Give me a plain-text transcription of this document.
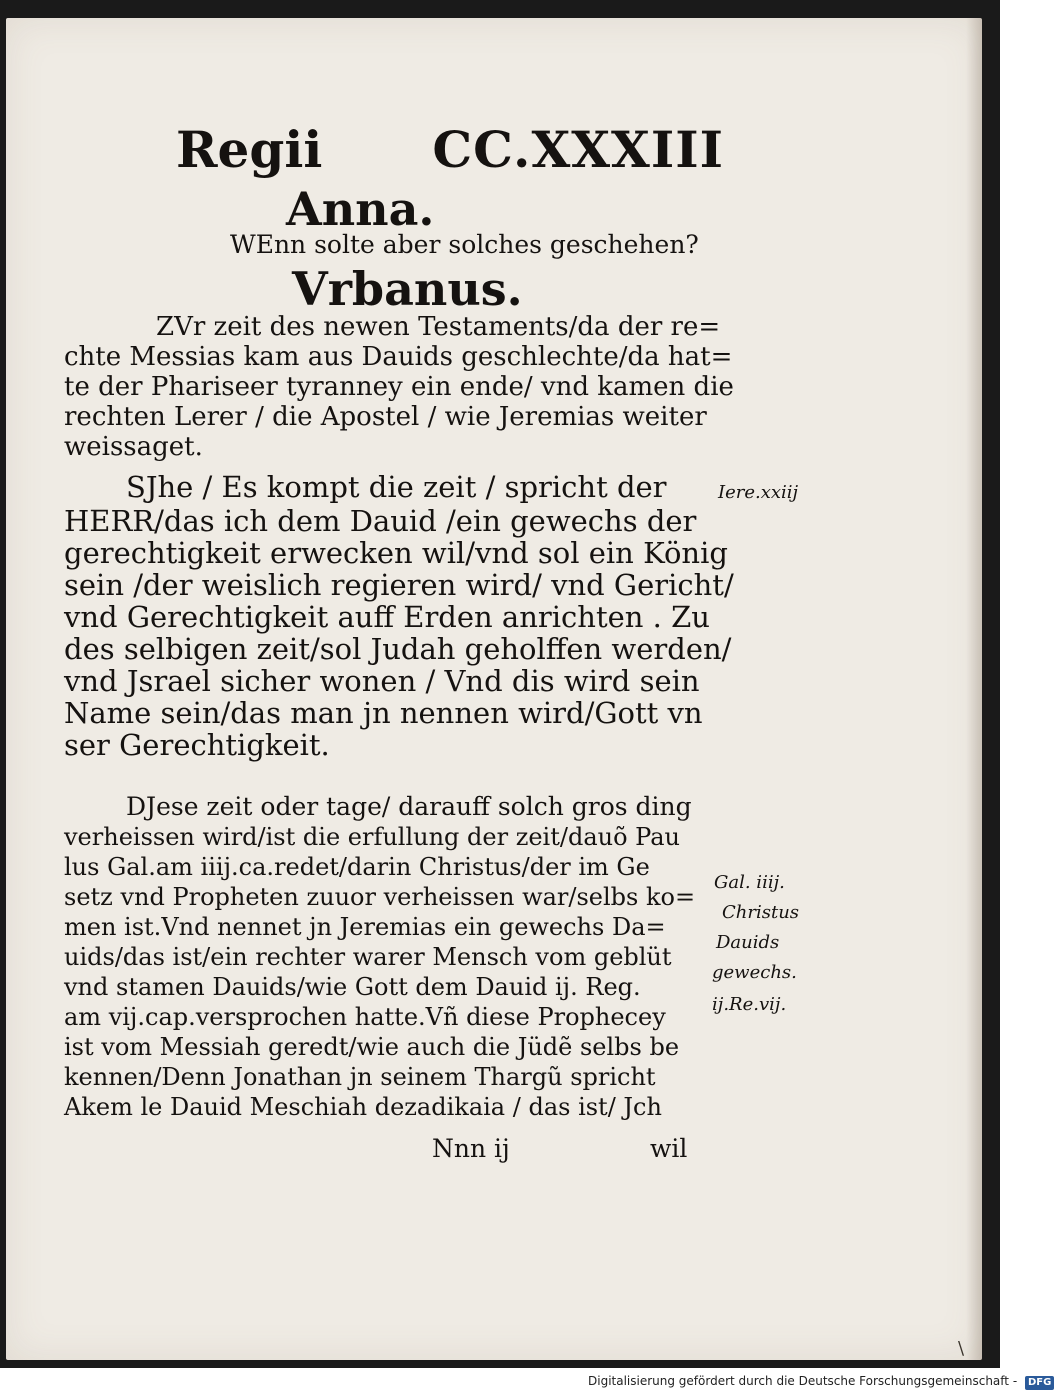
Regii CC.XXXIII
Anna.
WEnn solte aber solches geschehen?
Vrbanus.
ZVr zeit des newen Testaments/da der re=
chte Messias kam aus Dauids geschlechte/da hat=
te der Phariseer tyranney ein ende/ vnd kamen die
rechten Lerer / die Apostel / wie Jeremias weiter
weissaget.
SJhe / Es kompt die zeit / spricht der
HERR/das ich dem Dauid /ein gewechs der
gerechtigkeit erwecken wil/vnd sol ein König
sein /der weislich regieren wird/ vnd Gericht/
vnd Gerechtigkeit auff Erden anrichten . Zu
des selbigen zeit/sol Judah geholffen werden/
vnd Jsrael sicher wonen / Vnd dis wird sein
Name sein/das man jn nennen wird/Gott vn
ser Gerechtigkeit.
DJese zeit oder tage/ darauff solch gros ding
verheissen wird/ist die erfullung der zeit/dauõ Pau
lus Gal.am iiij.ca.redet/darin Christus/der im Ge
setz vnd Propheten zuuor verheissen war/selbs ko=
men ist.Vnd nennet jn Jeremias ein gewechs Da=
uids/das ist/ein rechter warer Mensch vom geblüt
vnd stamen Dauids/wie Gott dem Dauid ij. Reg.
am vij.cap.versprochen hatte.Vñ diese Prophecey
ist vom Messiah geredt/wie auch die Jüdẽ selbs be
kennen/Denn Jonathan jn seinem Thargũ spricht
Akem le Dauid Meschiah dezadikaia / das ist/ Jch
Nnn ij	wil
Iere.xxiij
Gal. iiij.
Christus
Dauids
gewechs.
ij.Re.vij.
\
Digitalisierung gefördert durch die Deutsche Forschungsgemeinschaft - DFG
